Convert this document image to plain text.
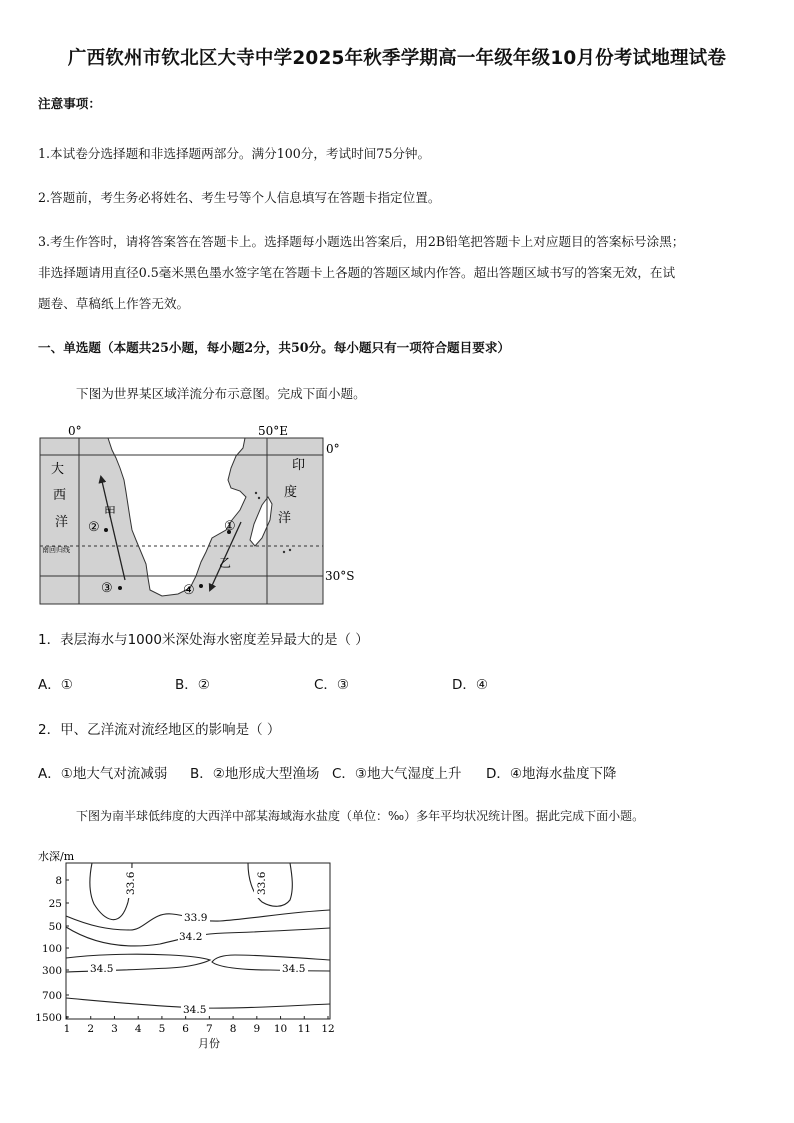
广西钦州市钦北区大寺中学2025年秋季学期高一年级年级10月份考试地理试卷
注意事项：
1.本试卷分选择题和非选择题两部分。满分100分，考试时间75分钟。
2.答题前，考生务必将姓名、考生号等个人信息填写在答题卡指定位置。
3.考生作答时，请将答案答在答题卡上。选择题每小题选出答案后，用2B铅笔把答题卡上对应题目的答案标号涂黑；
非选择题请用直径0.5毫米黑色墨水签字笔在答题卡上各题的答题区域内作答。超出答题区域书写的答案无效，在试
题卷、草稿纸上作答无效。
一、单选题（本题共25小题，每小题2分，共50分。每小题只有一项符合题目要求）
下图为世界某区域洋流分布示意图。完成下面小题。
0°	50°E
0°
30°S
南回归线
大
西
洋
印
度
洋
甲
乙
②	①
③	④
1．表层海水与1000米深处海水密度差异最大的是（ ）
A．①	B．②	C．③	D．④
2．甲、乙洋流对流经地区的影响是（ ）
A．①地大气对流减弱 B．②地形成大型渔场 C．③地大气湿度上升 D．④地海水盐度下降
下图为南半球低纬度的大西洋中部某海域海水盐度（单位：‰）多年平均状况统计图。据此完成下面小题。
水深/m
8
25
50
100
300
700
1500
1 2 3 4 5 6 7 8 9 10 11 12
33.6	33.6
33.9
34.2
34.5	34.5
34.5
月份
